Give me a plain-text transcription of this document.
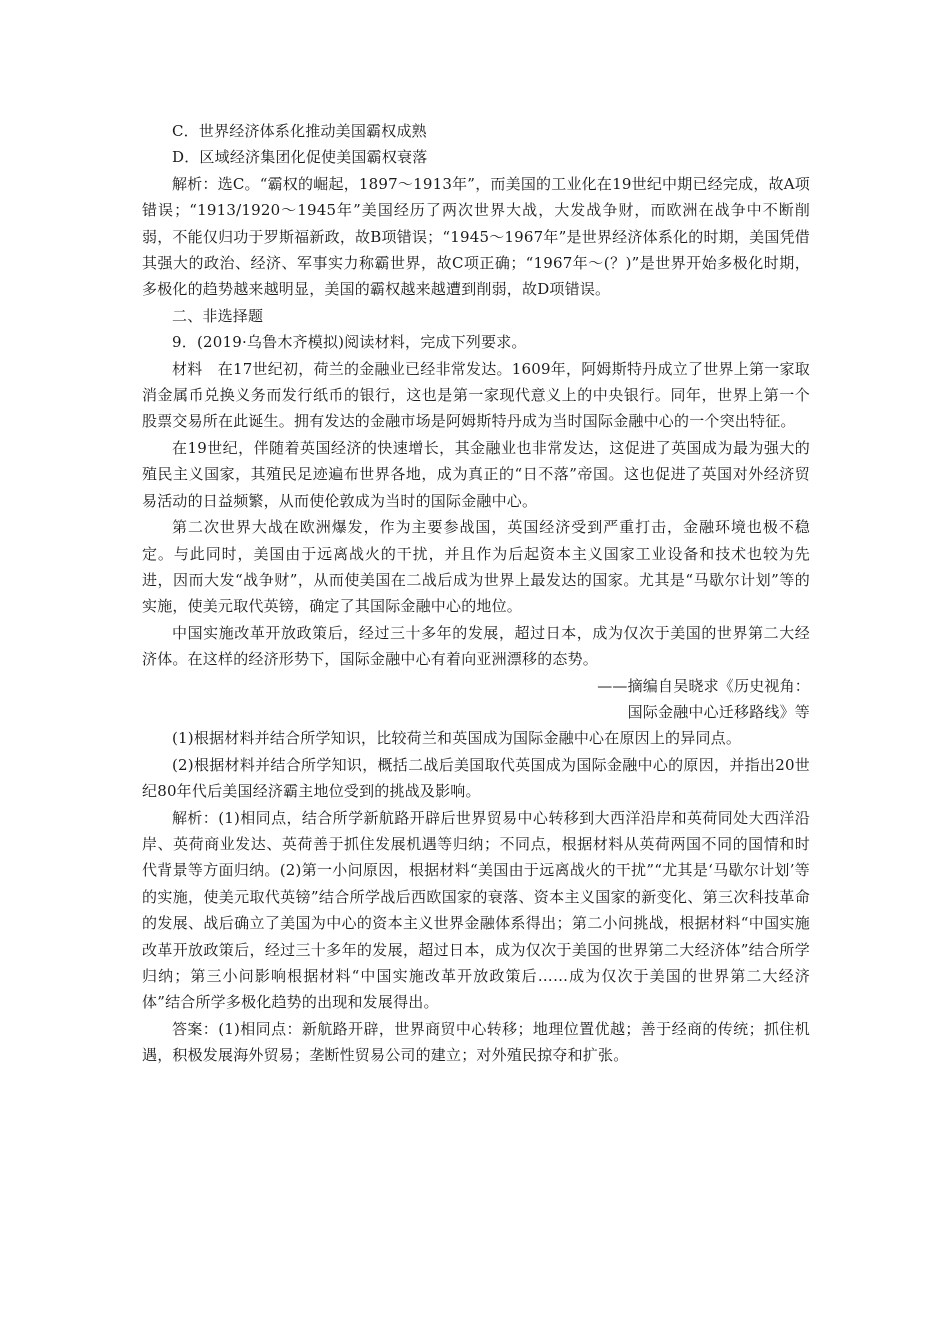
C．世界经济体系化推动美国霸权成熟

D．区域经济集团化促使美国霸权衰落

解析：选C。“霸权的崛起，1897～1913年”，而美国的工业化在19世纪中期已经完成，故A项错误；“1913/1920～1945年”美国经历了两次世界大战，大发战争财，而欧洲在战争中不断削弱，不能仅归功于罗斯福新政，故B项错误；“1945～1967年”是世界经济体系化的时期，美国凭借其强大的政治、经济、军事实力称霸世界，故C项正确；“1967年～(？)”是世界开始多极化时期，多极化的趋势越来越明显，美国的霸权越来越遭到削弱，故D项错误。

二、非选择题

9．(2019·乌鲁木齐模拟)阅读材料，完成下列要求。

材料　在17世纪初，荷兰的金融业已经非常发达。1609年，阿姆斯特丹成立了世界上第一家取消金属币兑换义务而发行纸币的银行，这也是第一家现代意义上的中央银行。同年，世界上第一个股票交易所在此诞生。拥有发达的金融市场是阿姆斯特丹成为当时国际金融中心的一个突出特征。

在19世纪，伴随着英国经济的快速增长，其金融业也非常发达，这促进了英国成为最为强大的殖民主义国家，其殖民足迹遍布世界各地，成为真正的“日不落”帝国。这也促进了英国对外经济贸易活动的日益频繁，从而使伦敦成为当时的国际金融中心。

第二次世界大战在欧洲爆发，作为主要参战国，英国经济受到严重打击，金融环境也极不稳定。与此同时，美国由于远离战火的干扰，并且作为后起资本主义国家工业设备和技术也较为先进，因而大发“战争财”，从而使美国在二战后成为世界上最发达的国家。尤其是“马歇尔计划”等的实施，使美元取代英镑，确定了其国际金融中心的地位。

中国实施改革开放政策后，经过三十多年的发展，超过日本，成为仅次于美国的世界第二大经济体。在这样的经济形势下，国际金融中心有着向亚洲漂移的态势。

——摘编自吴晓求《历史视角：

国际金融中心迁移路线》等

(1)根据材料并结合所学知识，比较荷兰和英国成为国际金融中心在原因上的异同点。

(2)根据材料并结合所学知识，概括二战后美国取代英国成为国际金融中心的原因，并指出20世纪80年代后美国经济霸主地位受到的挑战及影响。

解析：(1)相同点，结合所学新航路开辟后世界贸易中心转移到大西洋沿岸和英荷同处大西洋沿岸、英荷商业发达、英荷善于抓住发展机遇等归纳；不同点，根据材料从英荷两国不同的国情和时代背景等方面归纳。(2)第一小问原因，根据材料“美国由于远离战火的干扰”“尤其是‘马歇尔计划’等的实施，使美元取代英镑”结合所学战后西欧国家的衰落、资本主义国家的新变化、第三次科技革命的发展、战后确立了美国为中心的资本主义世界金融体系得出；第二小问挑战，根据材料“中国实施改革开放政策后，经过三十多年的发展，超过日本，成为仅次于美国的世界第二大经济体”结合所学归纳；第三小问影响根据材料“中国实施改革开放政策后……成为仅次于美国的世界第二大经济体”结合所学多极化趋势的出现和发展得出。

答案：(1)相同点：新航路开辟，世界商贸中心转移；地理位置优越；善于经商的传统；抓住机遇，积极发展海外贸易；垄断性贸易公司的建立；对外殖民掠夺和扩张。
